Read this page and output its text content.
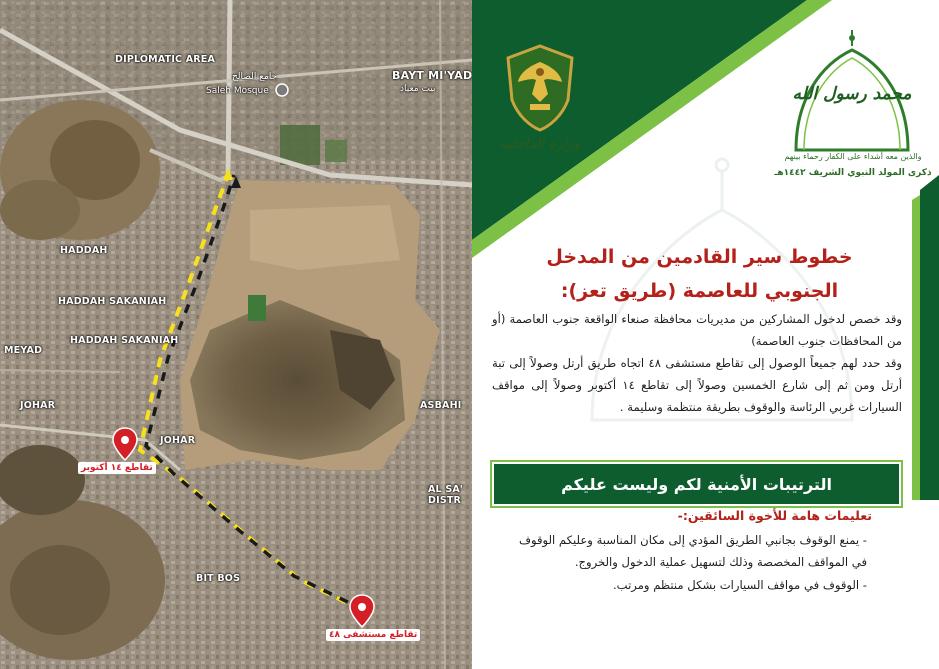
DIPLOMATIC AREA
BAYT MI'YAD
HADDAH
HADDAH SAKANIAH
HADDAH SAKANIAH
MEYAD
JOHAR
JOHAR
ASBAHI
AL SA' DISTR
BIT BOS
جامع الصالح
Saleh Mosque	بيت معياد
تقاطع ١٤ أكتوبر
تقاطع مستشفى ٤٨
وزارة الداخلية
محمد رسول الله
والذين معه أشداء على الكفار رحماء بينهم
ذكرى المولد النبوي الشريف ١٤٤٢هـ
خطوط سير القادمين من المدخل
الجنوبي للعاصمة (طريق تعز):

وقد خصص لدخول المشاركين من مديريات محافظة صنعاء الواقعة جنوب العاصمة (أو من المحافظات جنوب العاصمة)

وقد حدد لهم جميعاً الوصول إلى تقاطع مستشفى ٤٨ اتجاه طريق أرتل وصولاً إلى تبة أرتل ومن ثم إلى شارع الخمسين وصولاً إلى تقاطع ١٤ أكتوبر وصولاً إلى مواقف السيارات غربي الرئاسة والوقوف بطريقة منتظمة وسليمة .

الترتيبات الأمنية لكم وليست عليكم
تعليمات هامة للأخوة السائقين:-

- يمنع الوقوف بجانبي الطريق المؤدي إلى مكان المناسبة وعليكم الوقوف في المواقف المخصصة وذلك لتسهيل عملية الدخول والخروج.

- الوقوف في مواقف السيارات بشكل منتظم ومرتب.
